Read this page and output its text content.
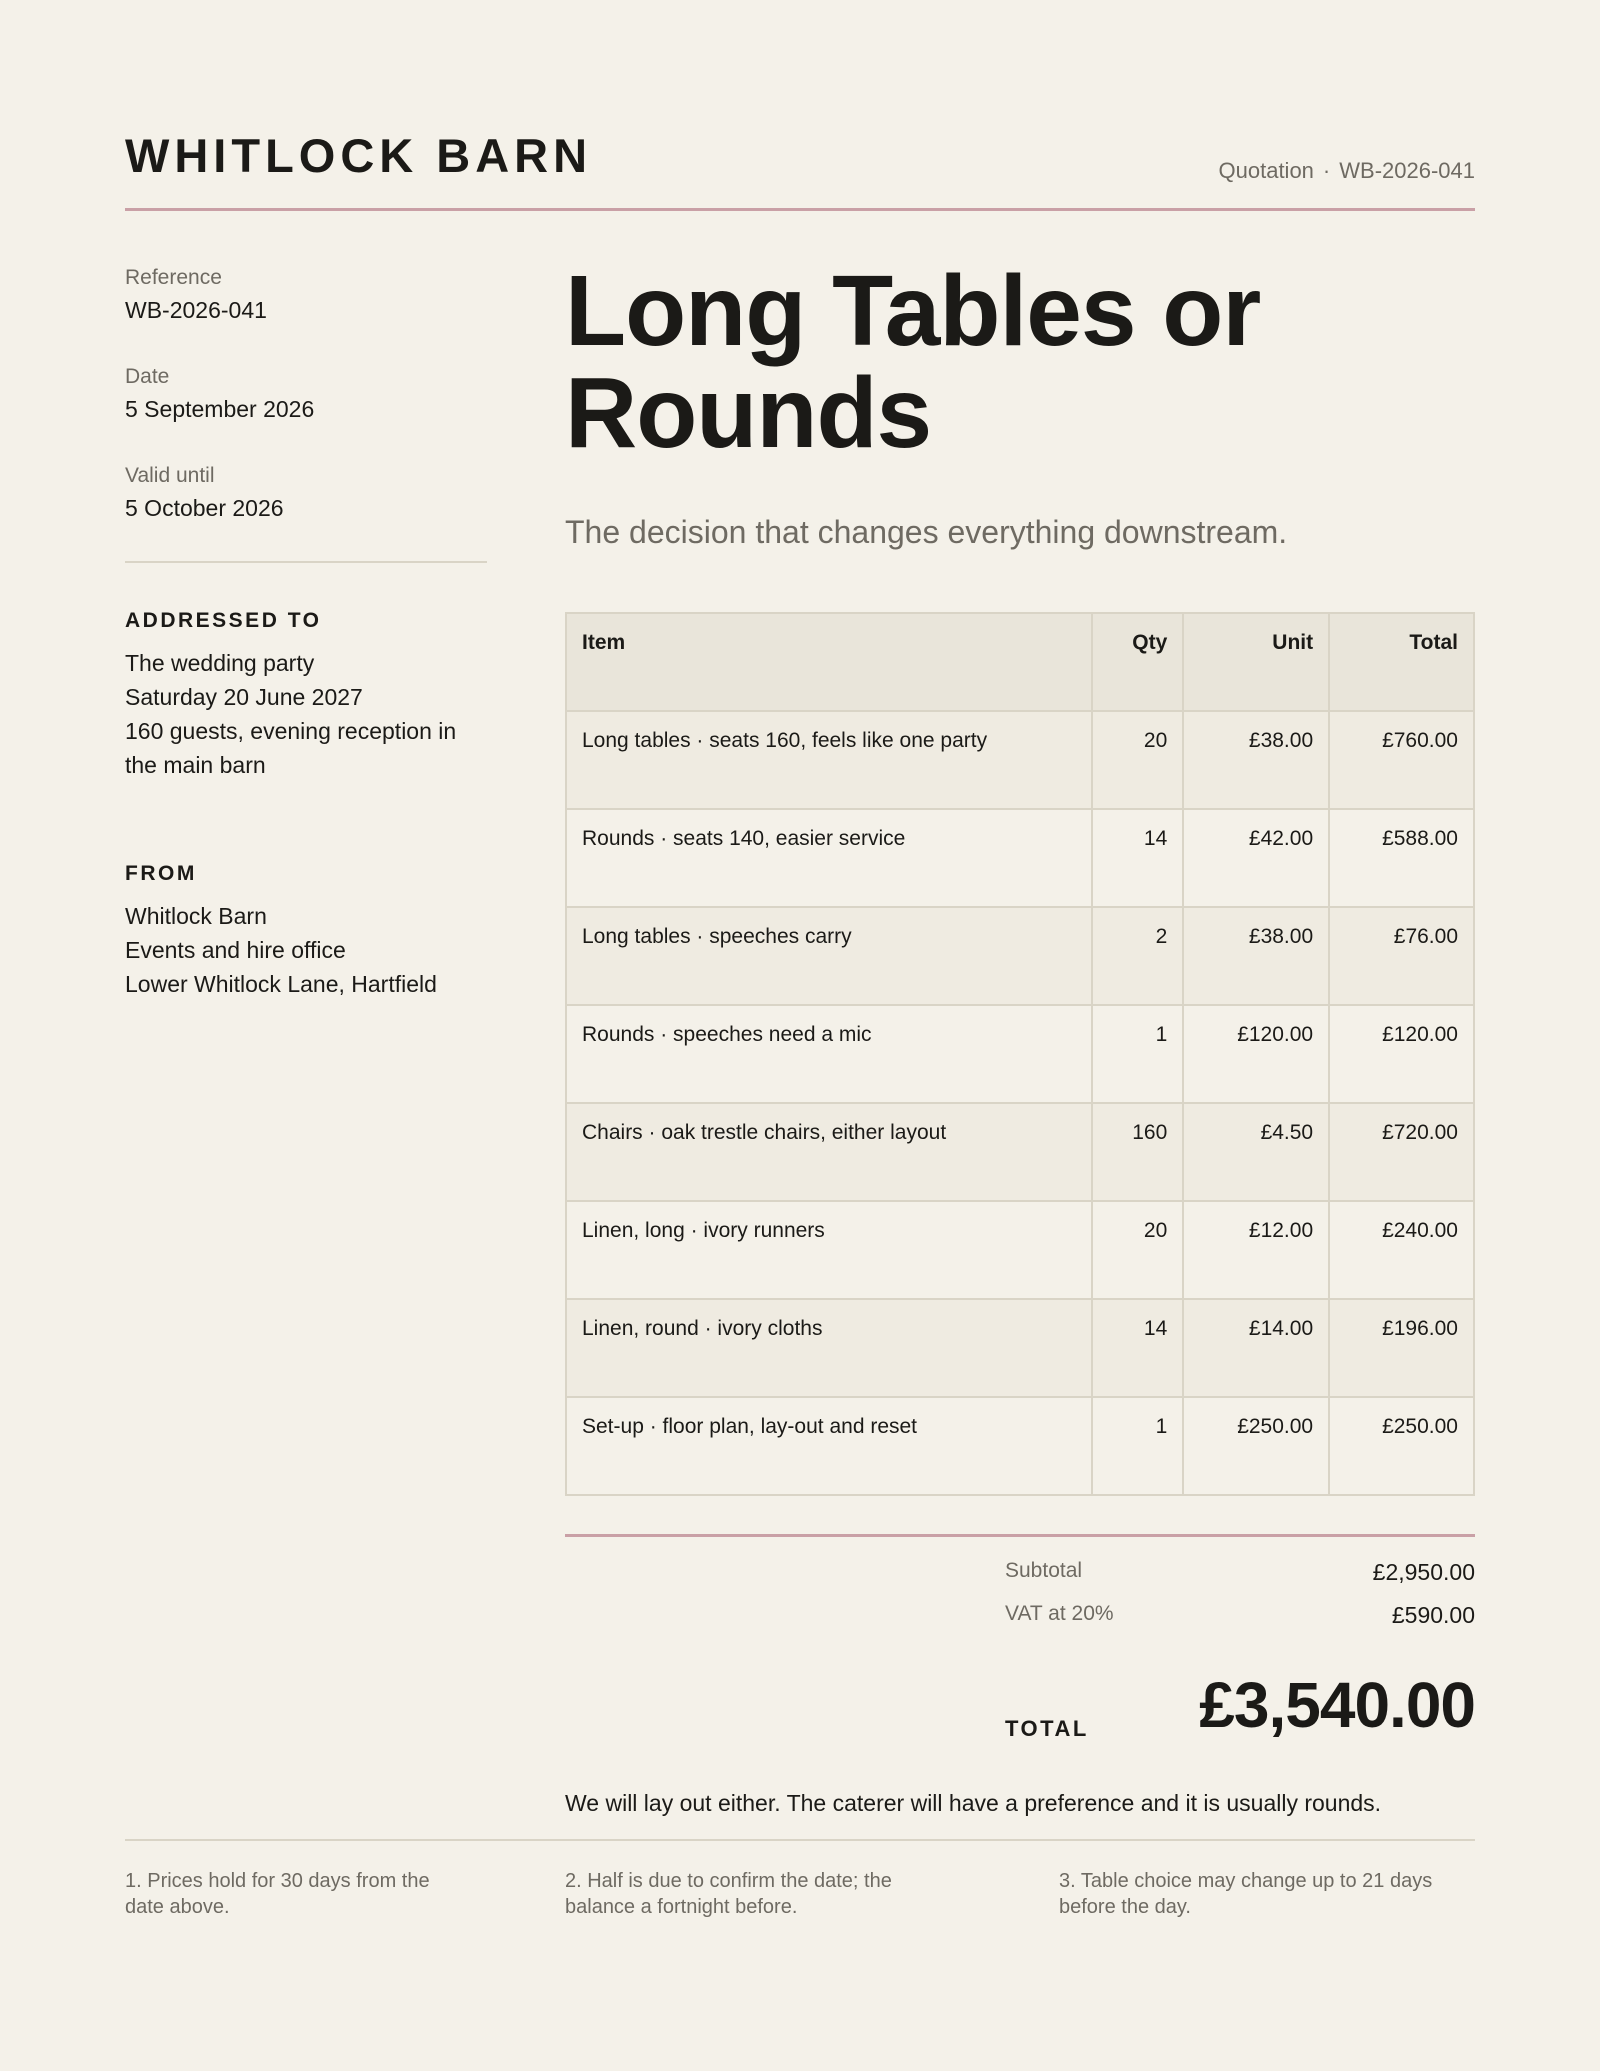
WHITLOCK BARN	Quotation · WB-2026-041
Reference
WB-2026-041
Date
5 September 2026
Valid until
5 October 2026
ADDRESSED TO
The wedding party
Saturday 20 June 2027
160 guests, evening reception in
the main barn
FROM
Whitlock Barn
Events and hire office
Lower Whitlock Lane, Hartfield
Long Tables or
Rounds
The decision that changes everything downstream.
Item	Qty	Unit	Total
Long tables · seats 160, feels like one party	20	£38.00	£760.00
Rounds · seats 140, easier service	14	£42.00	£588.00
Long tables · speeches carry	2	£38.00	£76.00
Rounds · speeches need a mic	1	£120.00	£120.00
Chairs · oak trestle chairs, either layout	160	£4.50	£720.00
Linen, long · ivory runners	20	£12.00	£240.00
Linen, round · ivory cloths	14	£14.00	£196.00
Set-up · floor plan, lay-out and reset	1	£250.00	£250.00
Subtotal	£2,950.00
VAT at 20%	£590.00
TOTAL £3,540.00
We will lay out either. The caterer will have a preference and it is usually rounds.
1. Prices hold for 30 days from the
date above.
2. Half is due to confirm the date; the
balance a fortnight before.
3. Table choice may change up to 21 days
before the day.
